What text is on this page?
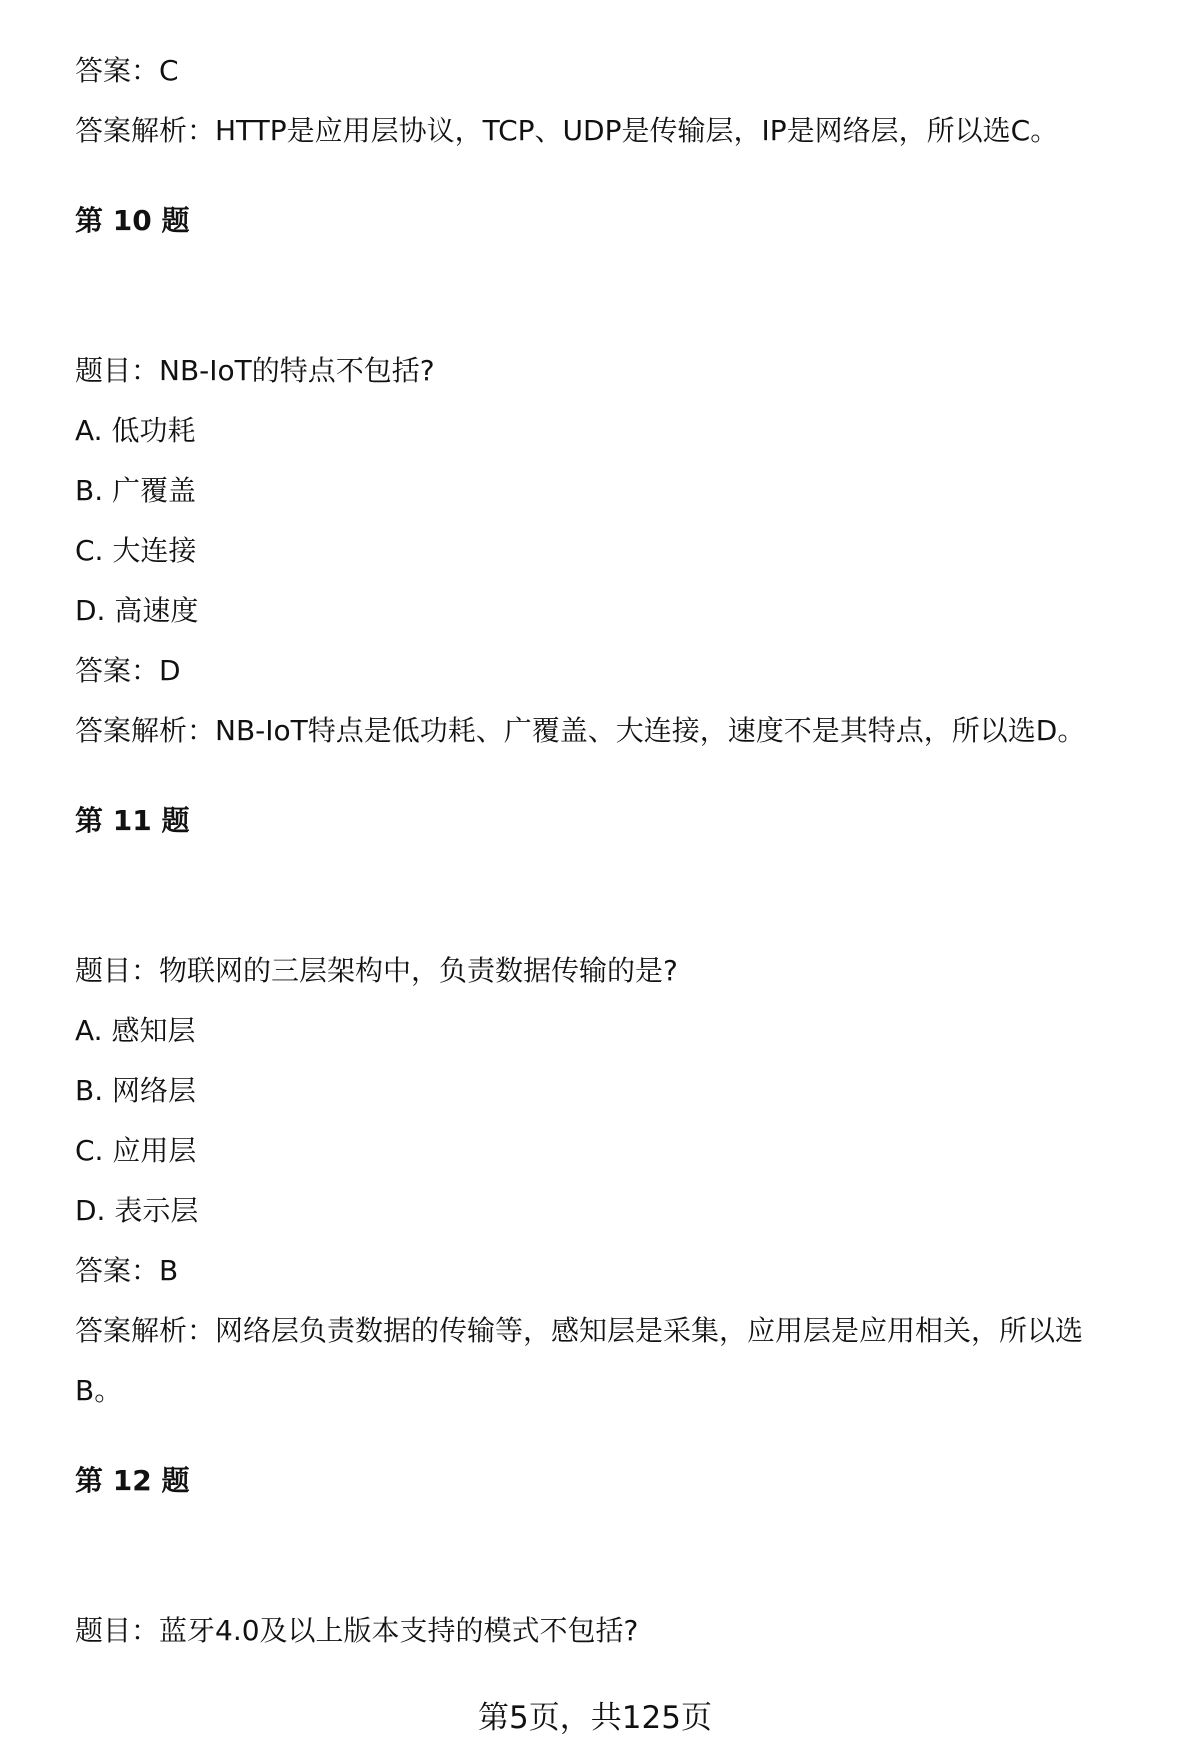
答案：C
答案解析：HTTP是应用层协议，TCP、UDP是传输层，IP是网络层，所以选C。
第 10 题
题目：NB-IoT的特点不包括?
A. 低功耗
B. 广覆盖
C. 大连接
D. 高速度
答案：D
答案解析：NB-IoT特点是低功耗、广覆盖、大连接，速度不是其特点，所以选D。
第 11 题
题目：物联网的三层架构中，负责数据传输的是?
A. 感知层
B. 网络层
C. 应用层
D. 表示层
答案：B
答案解析：网络层负责数据的传输等，感知层是采集，应用层是应用相关，所以选
B。
第 12 题
题目：蓝牙4.0及以上版本支持的模式不包括?
第5页，共125页
